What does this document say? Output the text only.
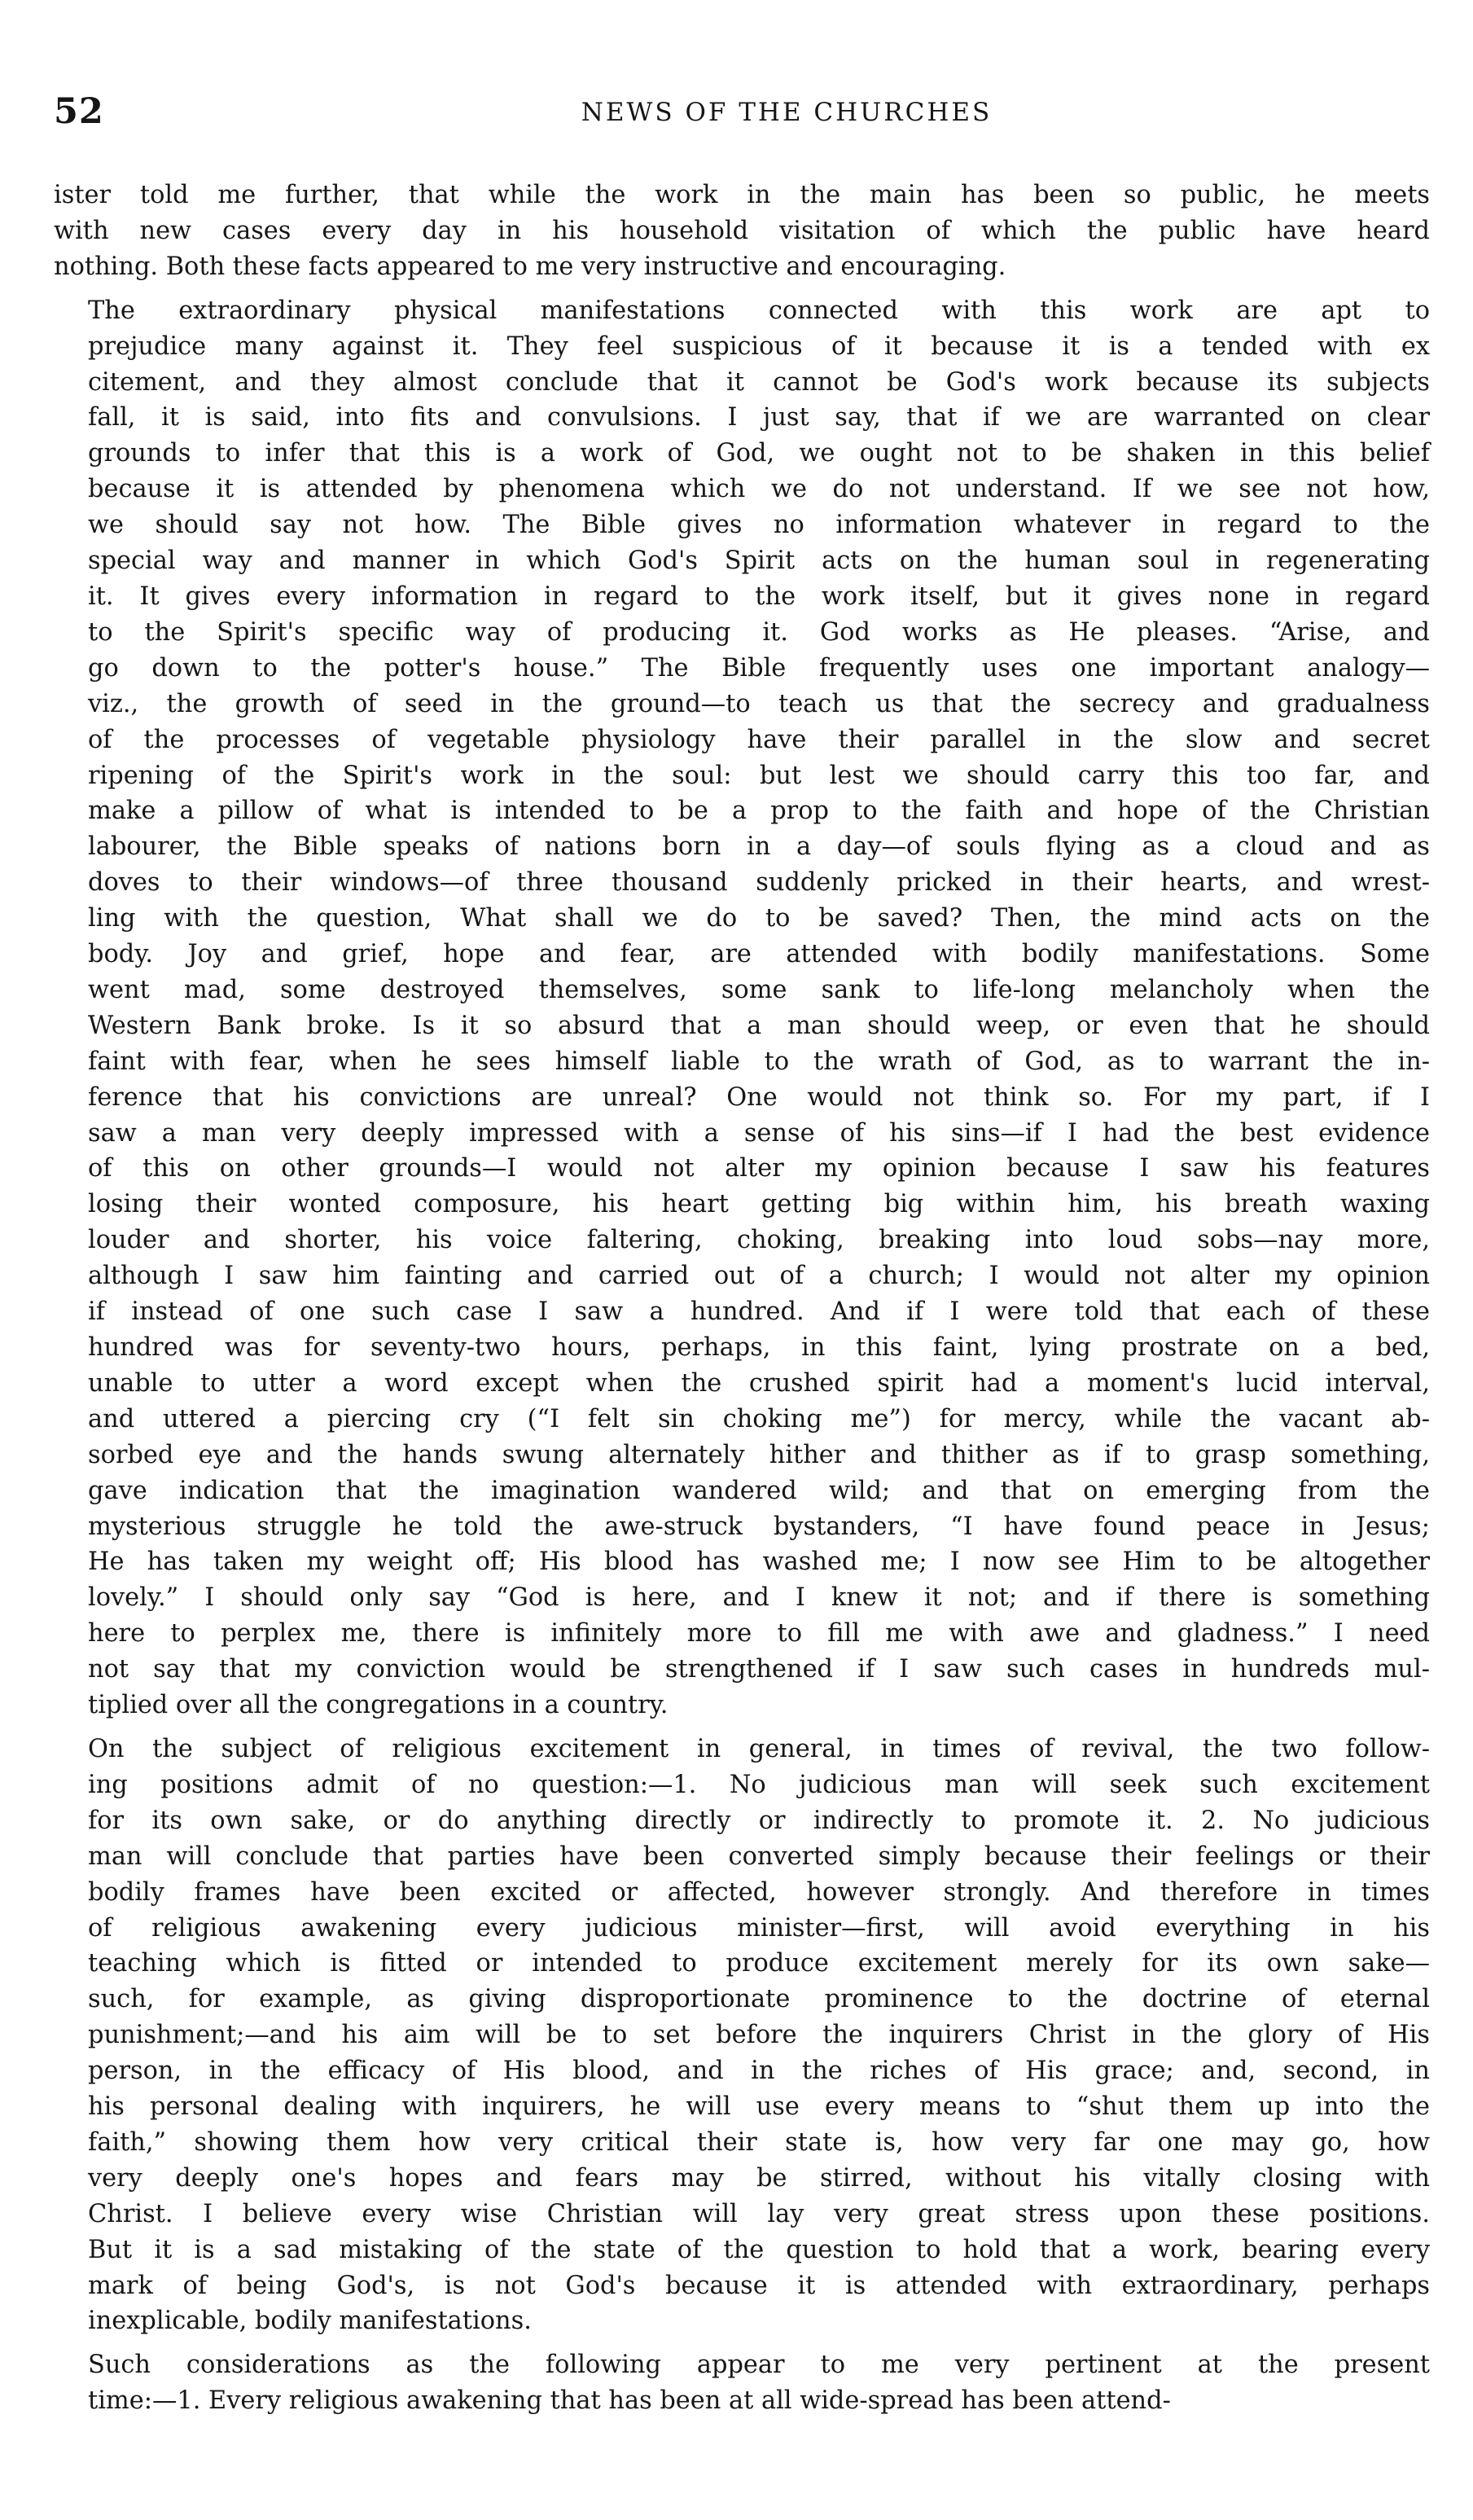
52	NEWS OF THE CHURCHES

ister told me further, that while the work in the main has been so public, he meets
with new cases every day in his household visitation of which the public have heard
nothing. Both these facts appeared to me very instructive and encouraging.

The extraordinary physical manifestations connected with this work are apt to
prejudice many against it. They feel suspicious of it because it is a tended with ex
citement, and they almost conclude that it cannot be God's work because its subjects
fall, it is said, into fits and convulsions. I just say, that if we are warranted on clear
grounds to infer that this is a work of God, we ought not to be shaken in this belief
because it is attended by phenomena which we do not understand. If we see not how,
we should say not how. The Bible gives no information whatever in regard to the
special way and manner in which God's Spirit acts on the human soul in regenerating
it. It gives every information in regard to the work itself, but it gives none in regard
to the Spirit's specific way of producing it. God works as He pleases. “Arise, and
go down to the potter's house.” The Bible frequently uses one important analogy—
viz., the growth of seed in the ground—to teach us that the secrecy and gradualness
of the processes of vegetable physiology have their parallel in the slow and secret
ripening of the Spirit's work in the soul: but lest we should carry this too far, and
make a pillow of what is intended to be a prop to the faith and hope of the Christian
labourer, the Bible speaks of nations born in a day—of souls flying as a cloud and as
doves to their windows—of three thousand suddenly pricked in their hearts, and wrest-
ling with the question, What shall we do to be saved? Then, the mind acts on the
body. Joy and grief, hope and fear, are attended with bodily manifestations. Some
went mad, some destroyed themselves, some sank to life-long melancholy when the
Western Bank broke. Is it so absurd that a man should weep, or even that he should
faint with fear, when he sees himself liable to the wrath of God, as to warrant the in-
ference that his convictions are unreal? One would not think so. For my part, if I
saw a man very deeply impressed with a sense of his sins—if I had the best evidence
of this on other grounds—I would not alter my opinion because I saw his features
losing their wonted composure, his heart getting big within him, his breath waxing
louder and shorter, his voice faltering, choking, breaking into loud sobs—nay more,
although I saw him fainting and carried out of a church; I would not alter my opinion
if instead of one such case I saw a hundred. And if I were told that each of these
hundred was for seventy-two hours, perhaps, in this faint, lying prostrate on a bed,
unable to utter a word except when the crushed spirit had a moment's lucid interval,
and uttered a piercing cry (“I felt sin choking me”) for mercy, while the vacant ab-
sorbed eye and the hands swung alternately hither and thither as if to grasp something,
gave indication that the imagination wandered wild; and that on emerging from the
mysterious struggle he told the awe-struck bystanders, “I have found peace in Jesus;
He has taken my weight off; His blood has washed me; I now see Him to be altogether
lovely.” I should only say “God is here, and I knew it not; and if there is something
here to perplex me, there is infinitely more to fill me with awe and gladness.” I need
not say that my conviction would be strengthened if I saw such cases in hundreds mul-
tiplied over all the congregations in a country.

On the subject of religious excitement in general, in times of revival, the two follow-
ing positions admit of no question:—1. No judicious man will seek such excitement
for its own sake, or do anything directly or indirectly to promote it. 2. No judicious
man will conclude that parties have been converted simply because their feelings or their
bodily frames have been excited or affected, however strongly. And therefore in times
of religious awakening every judicious minister—first, will avoid everything in his
teaching which is fitted or intended to produce excitement merely for its own sake—
such, for example, as giving disproportionate prominence to the doctrine of eternal
punishment;—and his aim will be to set before the inquirers Christ in the glory of His
person, in the efficacy of His blood, and in the riches of His grace; and, second, in
his personal dealing with inquirers, he will use every means to “shut them up into the
faith,” showing them how very critical their state is, how very far one may go, how
very deeply one's hopes and fears may be stirred, without his vitally closing with
Christ. I believe every wise Christian will lay very great stress upon these positions.
But it is a sad mistaking of the state of the question to hold that a work, bearing every
mark of being God's, is not God's because it is attended with extraordinary, perhaps
inexplicable, bodily manifestations.

Such considerations as the following appear to me very pertinent at the present
time:—1. Every religious awakening that has been at all wide-spread has been attend-
